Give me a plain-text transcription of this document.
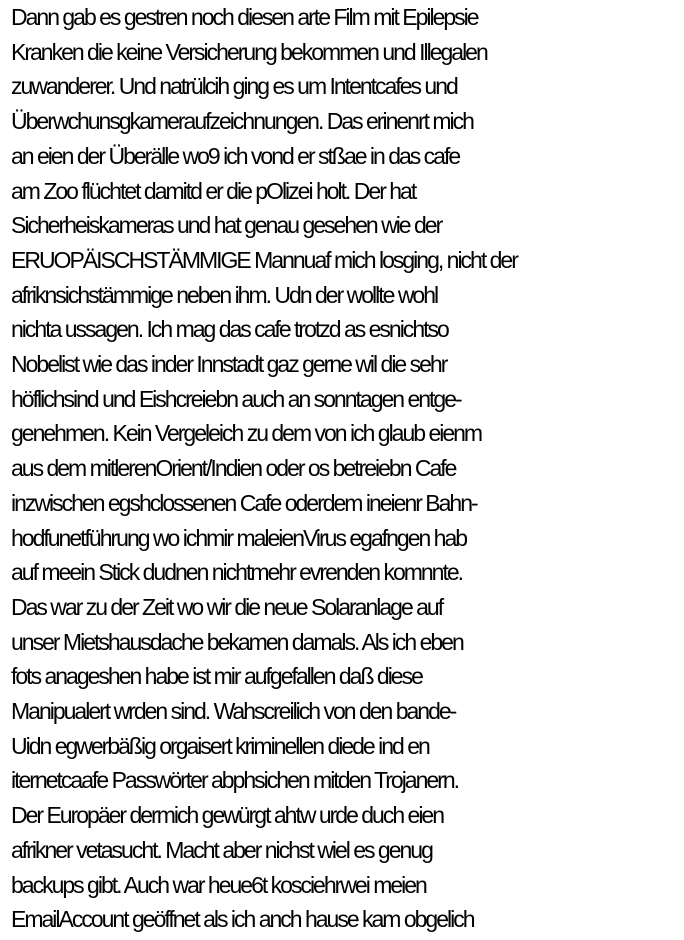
Dann gab es gestren noch diesen arte Film mit Epilepsie
Kranken die keine Versicherung bekommen und Illegalen
zuwanderer. Und natrülcih ging es um Intentcafes und
Überwchunsgkameraufzeichnungen. Das erinenrt mich
an eien der Überälle wo9 ich vond er stßae in das cafe
am Zoo flüchtet damitd er die pOlizei holt. Der hat
Sicherheiskameras und hat genau gesehen wie der
ERUOPÄISCHSTÄMMIGE Mannuaf mich losging, nicht der
afriknsichstämmige neben ihm. Udn der wollte wohl
nichta ussagen. Ich mag das cafe trotzd as esnichtso
Nobelist wie das inder Innstadt gaz gerne wil die sehr
höflichsind und Eishcreiebn auch an sonntagen entge-
genehmen. Kein Vergeleich zu dem von ich glaub eienm
aus dem mitlerenOrient/Indien oder os betreiebn Cafe
inzwischen egshclossenen Cafe oderdem ineienr Bahn-
hodfunetführung wo ichmir maleienVirus egafngen hab
auf meein Stick dudnen nichtmehr evrenden komnnte.
Das war zu der Zeit wo wir die neue Solaranlage auf
unser Mietshausdache bekamen damals. Als ich eben
fots anageshen habe ist mir aufgefallen daß diese
Manipualert wrden sind. Wahscreilich von den bande-
Uidn egwerbäßig orgaisert kriminellen diede ind en
iternetcaafe Passwörter abphsichen mitden Trojanern.
Der Europäer dermich gewürgt ahtw urde duch eien
afrikner vetasucht. Macht aber nichst wiel es genug
backups gibt. Auch war heue6t kosciehrwei meien
EmailAccount geöffnet als ich anch hause kam obgelich
